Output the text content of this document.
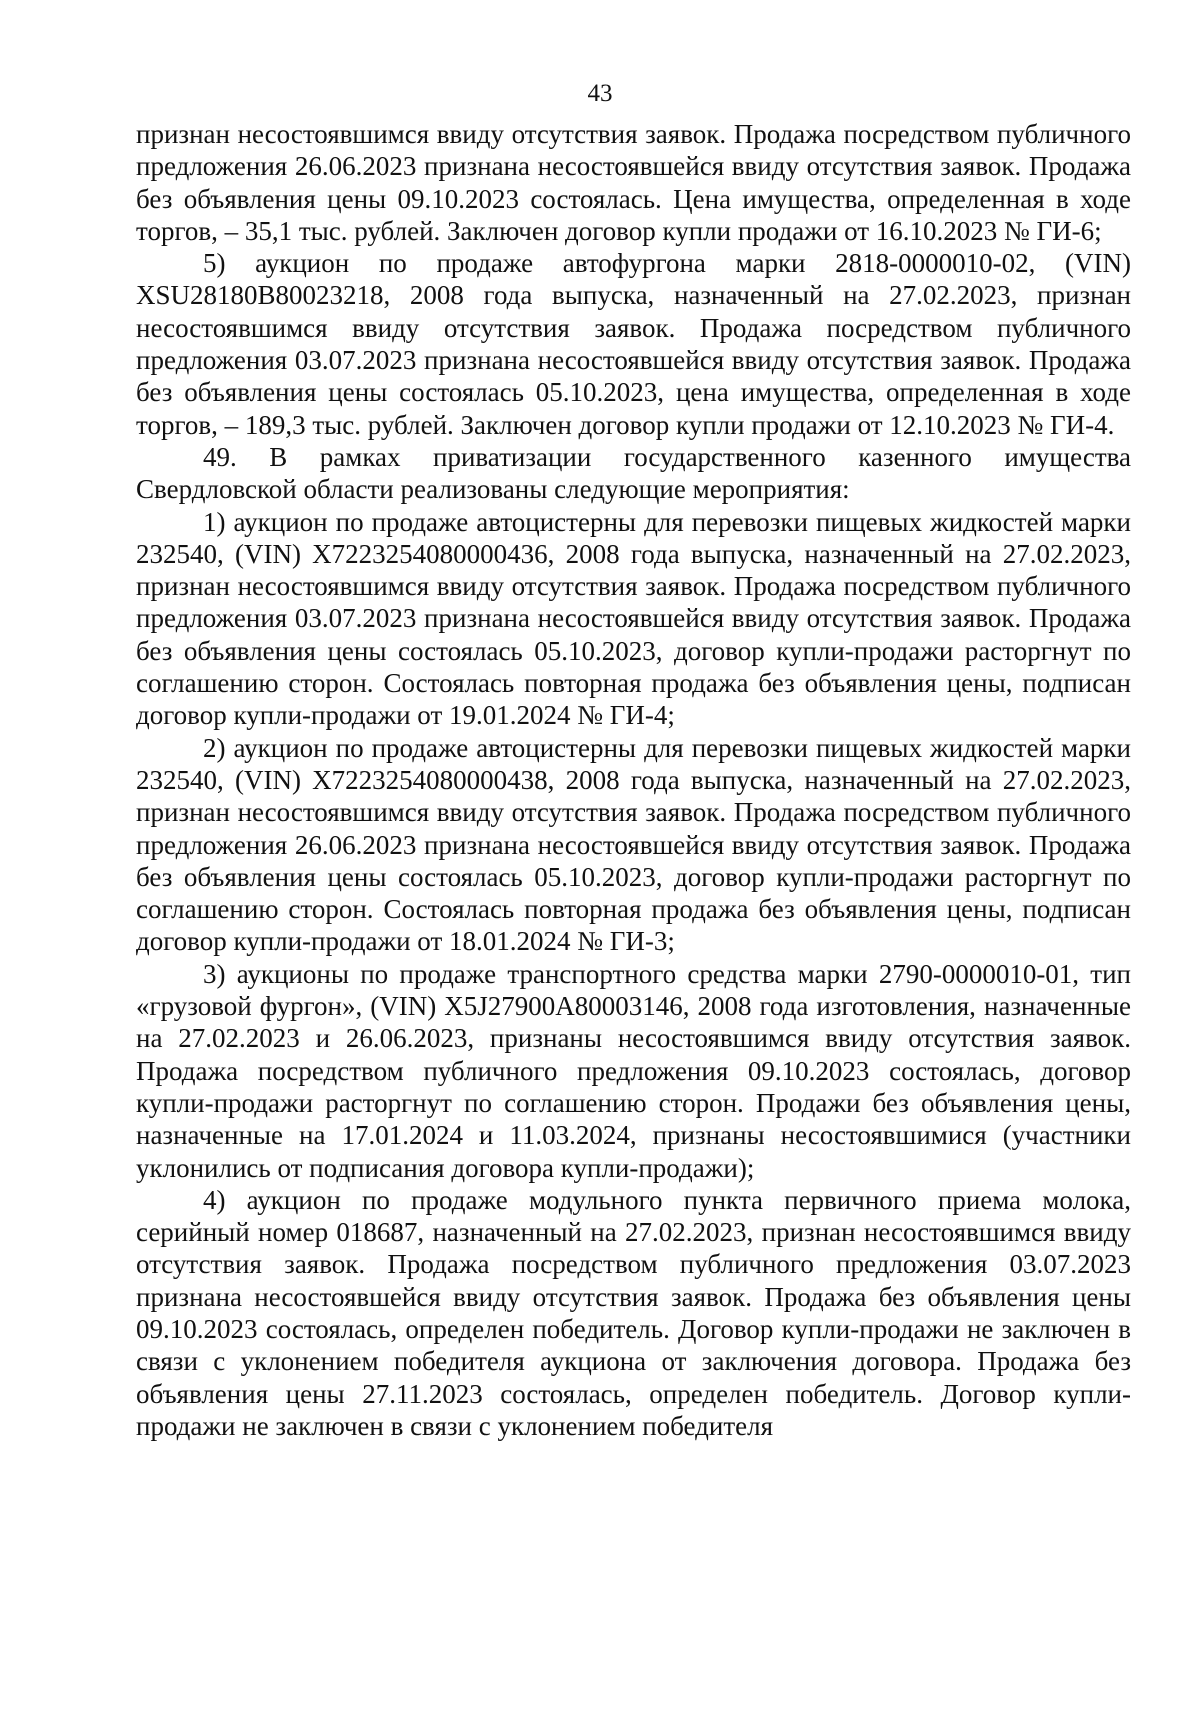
43

признан несостоявшимся ввиду отсутствия заявок. Продажа посредством публичного предложения 26.06.2023 признана несостоявшейся ввиду отсутствия заявок. Продажа без объявления цены 09.10.2023 состоялась. Цена имущества, определенная в ходе торгов, – 35,1 тыс. рублей. Заключен договор купли продажи от 16.10.2023 № ГИ-6;

5) аукцион по продаже автофургона марки 2818-0000010-02, (VIN) XSU28180B80023218, 2008 года выпуска, назначенный на 27.02.2023, признан несостоявшимся ввиду отсутствия заявок. Продажа посредством публичного предложения 03.07.2023 признана несостоявшейся ввиду отсутствия заявок. Продажа без объявления цены состоялась 05.10.2023, цена имущества, определенная в ходе торгов, – 189,3 тыс. рублей. Заключен договор купли продажи от 12.10.2023 № ГИ-4.

49. В рамках приватизации государственного казенного имущества Свердловской области реализованы следующие мероприятия:

1) аукцион по продаже автоцистерны для перевозки пищевых жидкостей марки 232540, (VIN) X7223254080000436, 2008 года выпуска, назначенный на 27.02.2023, признан несостоявшимся ввиду отсутствия заявок. Продажа посредством публичного предложения 03.07.2023 признана несостоявшейся ввиду отсутствия заявок. Продажа без объявления цены состоялась 05.10.2023, договор купли-продажи расторгнут по соглашению сторон. Состоялась повторная продажа без объявления цены, подписан договор купли-продажи от 19.01.2024 № ГИ-4;

2) аукцион по продаже автоцистерны для перевозки пищевых жидкостей марки 232540, (VIN) X7223254080000438, 2008 года выпуска, назначенный на 27.02.2023, признан несостоявшимся ввиду отсутствия заявок. Продажа посредством публичного предложения 26.06.2023 признана несостоявшейся ввиду отсутствия заявок. Продажа без объявления цены состоялась 05.10.2023, договор купли-продажи расторгнут по соглашению сторон. Состоялась повторная продажа без объявления цены, подписан договор купли-продажи от 18.01.2024 № ГИ-3;

3) аукционы по продаже транспортного средства марки 2790-0000010-01, тип «грузовой фургон», (VIN) X5J27900A80003146, 2008 года изготовления, назначенные на 27.02.2023 и 26.06.2023, признаны несостоявшимся ввиду отсутствия заявок. Продажа посредством публичного предложения 09.10.2023 состоялась, договор купли-продажи расторгнут по соглашению сторон. Продажи без объявления цены, назначенные на 17.01.2024 и 11.03.2024, признаны несостоявшимися (участники уклонились от подписания договора купли-продажи);

4) аукцион по продаже модульного пункта первичного приема молока, серийный номер 018687, назначенный на 27.02.2023, признан несостоявшимся ввиду отсутствия заявок. Продажа посредством публичного предложения 03.07.2023 признана несостоявшейся ввиду отсутствия заявок. Продажа без объявления цены 09.10.2023 состоялась, определен победитель. Договор купли-продажи не заключен в связи с уклонением победителя аукциона от заключения договора. Продажа без объявления цены 27.11.2023 состоялась, определен победитель. Договор купли-продажи не заключен в связи с уклонением победителя
